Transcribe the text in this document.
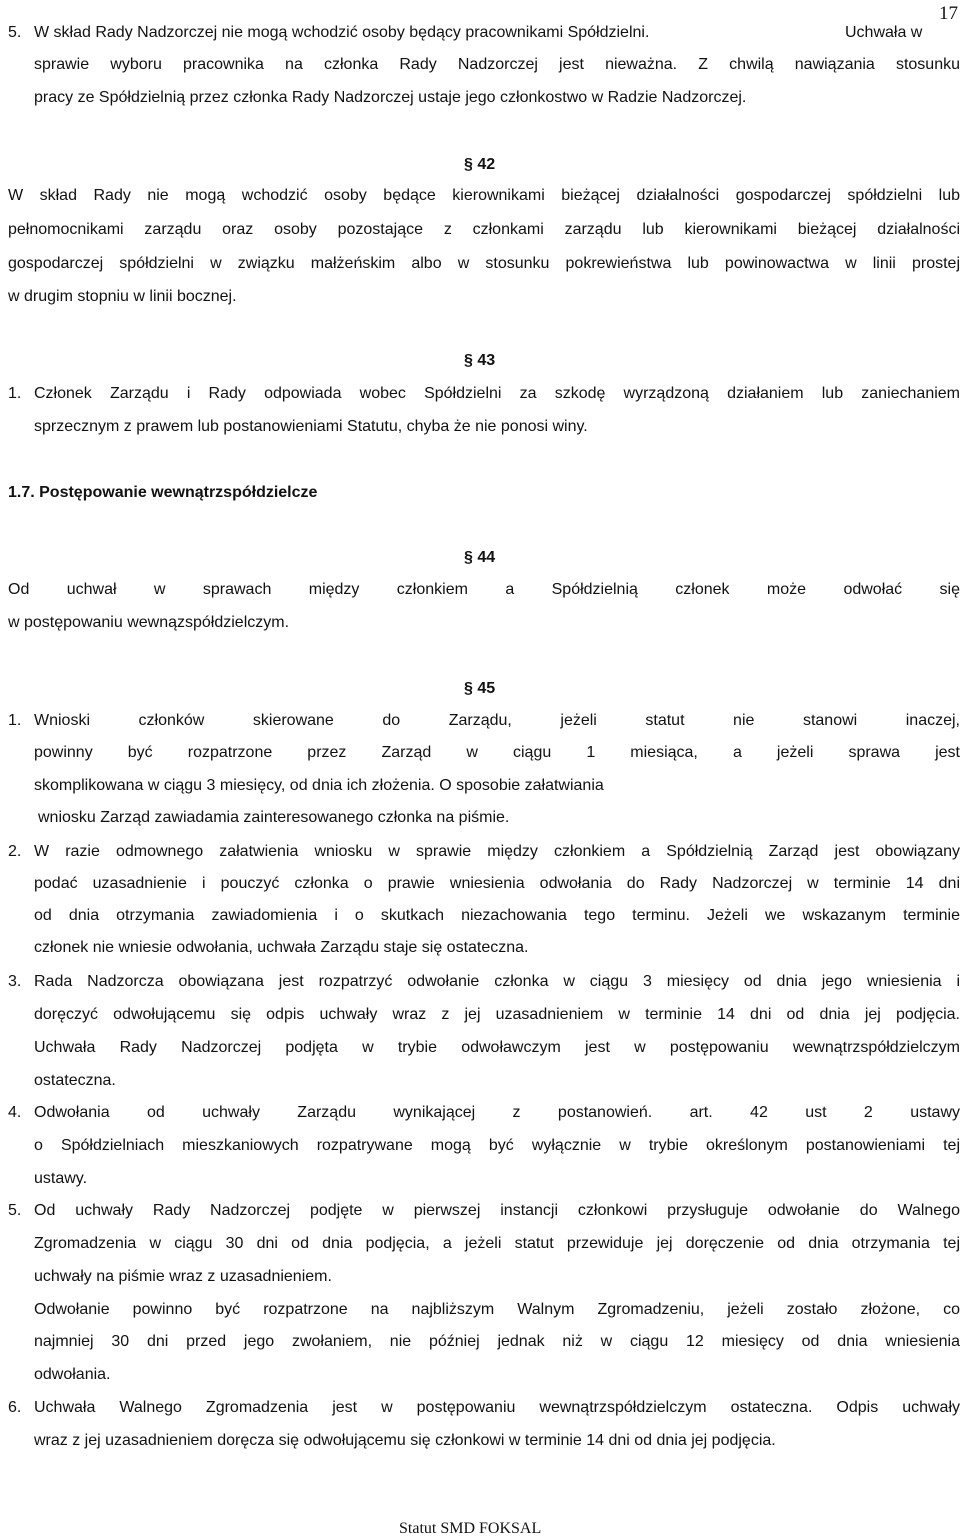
17
5. W skład Rady Nadzorczej nie mogą wchodzić osoby będący pracownikami Spółdzielni.	Uchwała w
sprawie wyboru pracownika na członka Rady Nadzorczej jest nieważna. Z chwilą nawiązania stosunku
pracy ze Spółdzielnią przez członka Rady Nadzorczej ustaje jego członkostwo w Radzie Nadzorczej.
§ 42
W skład Rady nie mogą wchodzić osoby będące kierownikami bieżącej działalności gospodarczej spółdzielni lub
pełnomocnikami zarządu oraz osoby pozostające z członkami zarządu lub kierownikami bieżącej działalności
gospodarczej spółdzielni w związku małżeńskim albo w stosunku pokrewieństwa lub powinowactwa w linii prostej
w drugim stopniu w linii bocznej.
§ 43
1. Członek Zarządu i Rady odpowiada wobec Spółdzielni za szkodę wyrządzoną działaniem lub zaniechaniem
sprzecznym z prawem lub postanowieniami Statutu, chyba że nie ponosi winy.
1.7. Postępowanie wewnątrzspółdzielcze
§ 44
Od uchwał w sprawach między członkiem a Spółdzielnią członek może odwołać się
w postępowaniu wewnązspółdzielczym.
§ 45
1. Wnioski członków skierowane do Zarządu, jeżeli statut nie stanowi inaczej,
powinny być rozpatrzone przez Zarząd w ciągu 1 miesiąca, a jeżeli sprawa jest
skomplikowana w ciągu 3 miesięcy, od dnia ich złożenia. O sposobie załatwiania
wniosku Zarząd zawiadamia zainteresowanego członka na piśmie.
2. W razie odmownego załatwienia wniosku w sprawie między członkiem a Spółdzielnią Zarząd jest obowiązany
podać uzasadnienie i pouczyć członka o prawie wniesienia odwołania do Rady Nadzorczej w terminie 14 dni
od dnia otrzymania zawiadomienia i o skutkach niezachowania tego terminu. Jeżeli we wskazanym terminie
członek nie wniesie odwołania, uchwała Zarządu staje się ostateczna.
3. Rada Nadzorcza obowiązana jest rozpatrzyć odwołanie członka w ciągu 3 miesięcy od dnia jego wniesienia i
doręczyć odwołującemu się odpis uchwały wraz z jej uzasadnieniem w terminie 14 dni od dnia jej podjęcia.
Uchwała Rady Nadzorczej podjęta w trybie odwoławczym jest w postępowaniu wewnątrzspółdzielczym
ostateczna.
4. Odwołania od uchwały Zarządu wynikającej z postanowień. art. 42 ust 2 ustawy
o Spółdzielniach mieszkaniowych rozpatrywane mogą być wyłącznie w trybie określonym postanowieniami tej
ustawy.
5. Od uchwały Rady Nadzorczej podjęte w pierwszej instancji członkowi przysługuje odwołanie do Walnego
Zgromadzenia w ciągu 30 dni od dnia podjęcia, a jeżeli statut przewiduje jej doręczenie od dnia otrzymania tej
uchwały na piśmie wraz z uzasadnieniem.
Odwołanie powinno być rozpatrzone na najbliższym Walnym Zgromadzeniu, jeżeli zostało złożone, co
najmniej 30 dni przed jego zwołaniem, nie później jednak niż w ciągu 12 miesięcy od dnia wniesienia
odwołania.
6. Uchwała Walnego Zgromadzenia jest w postępowaniu wewnątrzspółdzielczym ostateczna. Odpis uchwały
wraz z jej uzasadnieniem doręcza się odwołującemu się członkowi w terminie 14 dni od dnia jej podjęcia.
Statut SMD FOKSAL
